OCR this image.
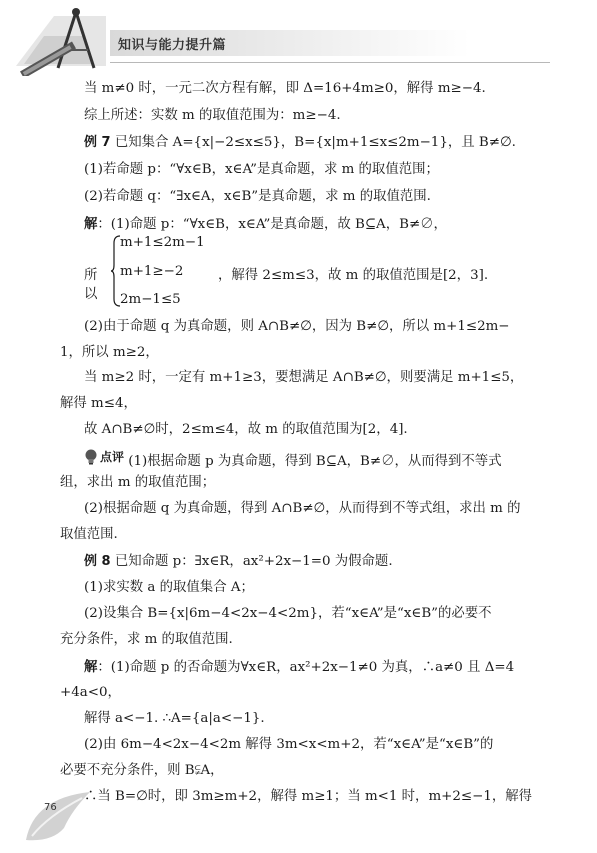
知识与能力提升篇
当 m≠0 时，一元二次方程有解，即 Δ=16+4m≥0，解得 m≥−4.
综上所述：实数 m 的取值范围为：m≥−4.
例 7 已知集合 A={x|−2≤x≤5}，B={x|m+1≤x≤2m−1}，且 B≠∅.
(1)若命题 p：“∀x∈B，x∈A”是真命题，求 m 的取值范围；
(2)若命题 q：“∃x∈A，x∈B”是真命题，求 m 的取值范围.
解：(1)命题 p：“∀x∈B，x∈A”是真命题，故 B⊆A，B≠∅，
所以
m+1≤2m−1
m+1≥−2
2m−1≤5
，解得 2≤m≤3，故 m 的取值范围是[2，3].
(2)由于命题 q 为真命题，则 A∩B≠∅，因为 B≠∅，所以 m+1≤2m−
1，所以 m≥2，
当 m≥2 时，一定有 m+1≥3，要想满足 A∩B≠∅，则要满足 m+1≤5，
解得 m≤4，
故 A∩B≠∅时，2≤m≤4，故 m 的取值范围为[2，4].
点评 (1)根据命题 p 为真命题，得到 B⊆A，B≠∅，从而得到不等式
组，求出 m 的取值范围；
(2)根据命题 q 为真命题，得到 A∩B≠∅，从而得到不等式组，求出 m 的
取值范围.
例 8 已知命题 p：∃x∈R，ax²+2x−1=0 为假命题.
(1)求实数 a 的取值集合 A；
(2)设集合 B={x|6m−4<2x−4<2m}，若“x∈A”是“x∈B”的必要不
充分条件，求 m 的取值范围.
解：(1)命题 p 的否命题为∀x∈R，ax²+2x−1≠0 为真，∴a≠0 且 Δ=4
+4a<0，
解得 a<−1. ∴A={a|a<−1}.
(2)由 6m−4<2x−4<2m 解得 3m<x<m+2，若“x∈A”是“x∈B”的
必要不充分条件，则 B⫋A，
∴当 B=∅时，即 3m≥m+2，解得 m≥1；当 m<1 时，m+2≤−1，解得
76
